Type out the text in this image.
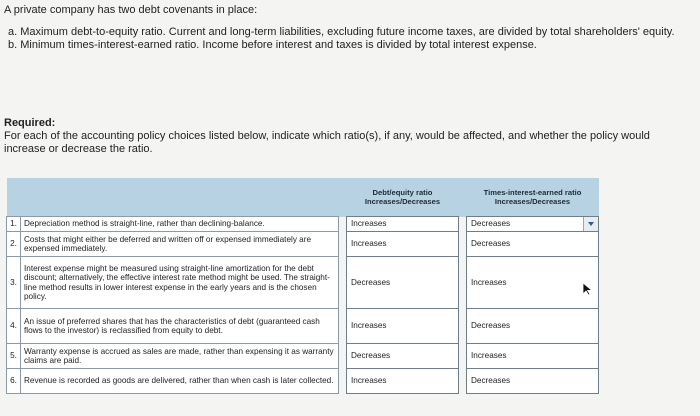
A private company has two debt covenants in place:

a. Maximum debt-to-equity ratio. Current and long-term liabilities, excluding future income taxes, are divided by total shareholders' equity.

b. Minimum times-interest-earned ratio. Income before interest and taxes is divided by total interest expense.

Required:
For each of the accounting policy choices listed below, indicate which ratio(s), if any, would be affected, and whether the policy would increase or decrease the ratio.
			Debt/equity ratio Increases/Decreases		Times-interest-earned ratio Increases/Decreases
1.	Depreciation method is straight-line, rather than declining-balance.		Increases		Decreases

2.	Costs that might either be deferred and written off or expensed immediately are expensed immediately.		Increases		Decreases

3.	Interest expense might be measured using straight-line amortization for the debt discount; alternatively, the effective interest rate method might be used. The straight-line method results in lower interest expense in the early years and is the chosen policy.		Decreases		Increases

4.	An issue of preferred shares that has the characteristics of debt (guaranteed cash flows to the investor) is reclassified from equity to debt.		Increases		Decreases

5.	Warranty expense is accrued as sales are made, rather than expensing it as warranty claims are paid.		Decreases		Increases

6.	Revenue is recorded as goods are delivered, rather than when cash is later collected.		Increases		Decreases
